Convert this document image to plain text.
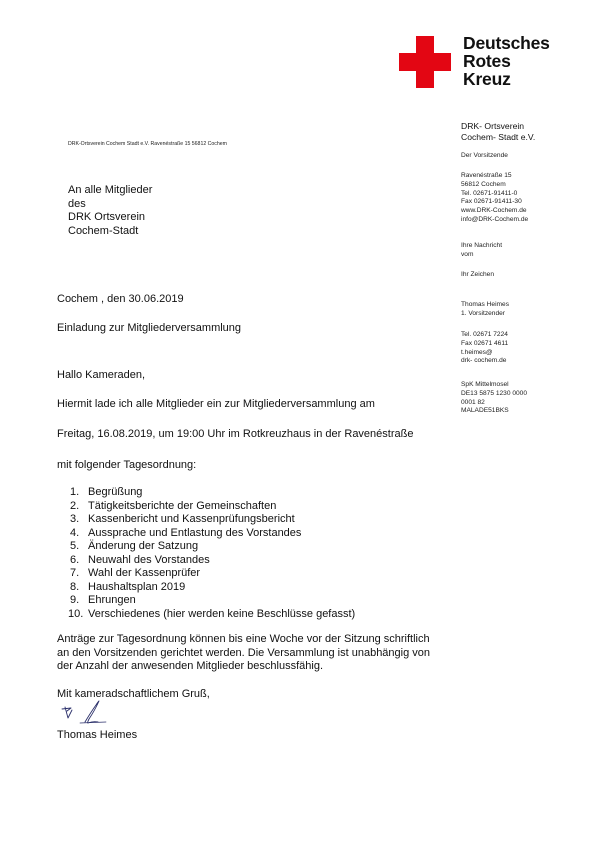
Deutsches
Rotes
Kreuz
DRK-Ortsverein Cochem Stadt e.V. Ravenéstraße 15 56812 Cochem
An alle Mitglieder
des
DRK Ortsverein
Cochem-Stadt
DRK- Ortsverein
Cochem- Stadt e.V.
Der Vorsitzende
Ravenéstraße 15
56812 Cochem
Tel. 02671-91411-0
Fax 02671-91411-30
www.DRK-Cochem.de
info@DRK-Cochem.de
Ihre Nachricht
vom
Ihr Zeichen
Thomas Heimes
1. Vorsitzender
Tel. 02671 7224
Fax 02671 4611
t.heimes@
drk- cochem.de
SpK Mittelmosel
DE13 5875 1230 0000
0001 82
MALADE51BKS
Cochem , den 30.06.2019
Einladung zur Mitgliederversammlung
Hallo Kameraden,
Hiermit lade ich alle Mitglieder ein zur Mitgliederversammlung am
Freitag, 16.08.2019, um 19:00 Uhr im Rotkreuzhaus in der Ravenéstraße
mit folgender Tagesordnung:
1. Begrüßung
2. Tätigkeitsberichte der Gemeinschaften
3. Kassenbericht und Kassenprüfungsbericht
4. Aussprache und Entlastung des Vorstandes
5. Änderung der Satzung
6. Neuwahl des Vorstandes
7. Wahl der Kassenprüfer
8. Haushaltsplan 2019
9. Ehrungen
10. Verschiedenes (hier werden keine Beschlüsse gefasst)
Anträge zur Tagesordnung können bis eine Woche vor der Sitzung schriftlich
an den Vorsitzenden gerichtet werden. Die Versammlung ist unabhängig von
der Anzahl der anwesenden Mitglieder beschlussfähig.
Mit kameradschaftlichem Gruß,
Thomas Heimes
